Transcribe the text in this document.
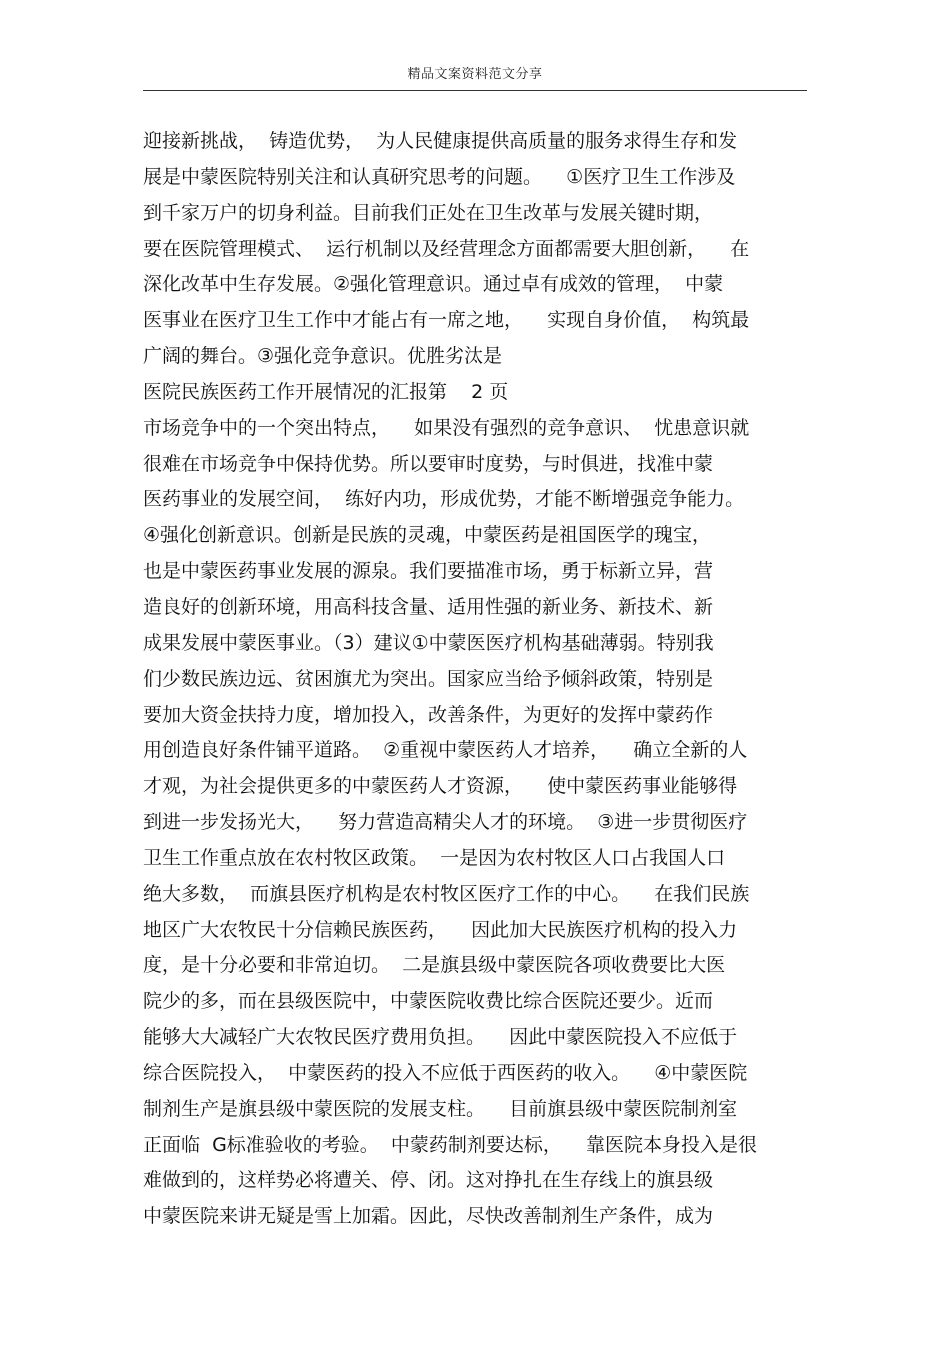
精品文案资料范文分享
迎接新挑战，  铸造优势，  为人民健康提供高质量的服务求得生存和发
展是中蒙医院特别关注和认真研究思考的问题。    ①医疗卫生工作涉及
到千家万户的切身利益。目前我们正处在卫生改革与发展关键时期，
要在医院管理模式、  运行机制以及经营理念方面都需要大胆创新，    在
深化改革中生存发展。②强化管理意识。通过卓有成效的管理，  中蒙
医事业在医疗卫生工作中才能占有一席之地，    实现自身价值，  构筑最
广阔的舞台。③强化竞争意识。优胜劣汰是
医院民族医药工作开展情况的汇报第    2 页
市场竞争中的一个突出特点，    如果没有强烈的竞争意识、  忧患意识就
很难在市场竞争中保持优势。所以要审时度势，与时俱进，找准中蒙
医药事业的发展空间，  练好内功，形成优势，才能不断增强竞争能力。
④强化创新意识。创新是民族的灵魂，中蒙医药是祖国医学的瑰宝，
也是中蒙医药事业发展的源泉。我们要描准市场，勇于标新立异，营
造良好的创新环境，用高科技含量、适用性强的新业务、新技术、新
成果发展中蒙医事业。（3）建议①中蒙医医疗机构基础薄弱。特别我
们少数民族边远、贫困旗尤为突出。国家应当给予倾斜政策，特别是
要加大资金扶持力度，增加投入，改善条件，为更好的发挥中蒙药作
用创造良好条件铺平道路。  ②重视中蒙医药人才培养，    确立全新的人
才观，为社会提供更多的中蒙医药人才资源，    使中蒙医药事业能够得
到进一步发扬光大，    努力营造高精尖人才的环境。  ③进一步贯彻医疗
卫生工作重点放在农村牧区政策。  一是因为农村牧区人口占我国人口
绝大多数，  而旗县医疗机构是农村牧区医疗工作的中心。    在我们民族
地区广大农牧民十分信赖民族医药，    因此加大民族医疗机构的投入力
度，是十分必要和非常迫切。  二是旗县级中蒙医院各项收费要比大医
院少的多，而在县级医院中，中蒙医院收费比综合医院还要少。近而
能够大大减轻广大农牧民医疗费用负担。    因此中蒙医院投入不应低于
综合医院投入，  中蒙医药的投入不应低于西医药的收入。    ④中蒙医院
制剂生产是旗县级中蒙医院的发展支柱。    目前旗县级中蒙医院制剂室
正面临  G标准验收的考验。  中蒙药制剂要达标，    靠医院本身投入是很
难做到的，这样势必将遭关、停、闭。这对挣扎在生存线上的旗县级
中蒙医院来讲无疑是雪上加霜。因此，尽快改善制剂生产条件，成为
